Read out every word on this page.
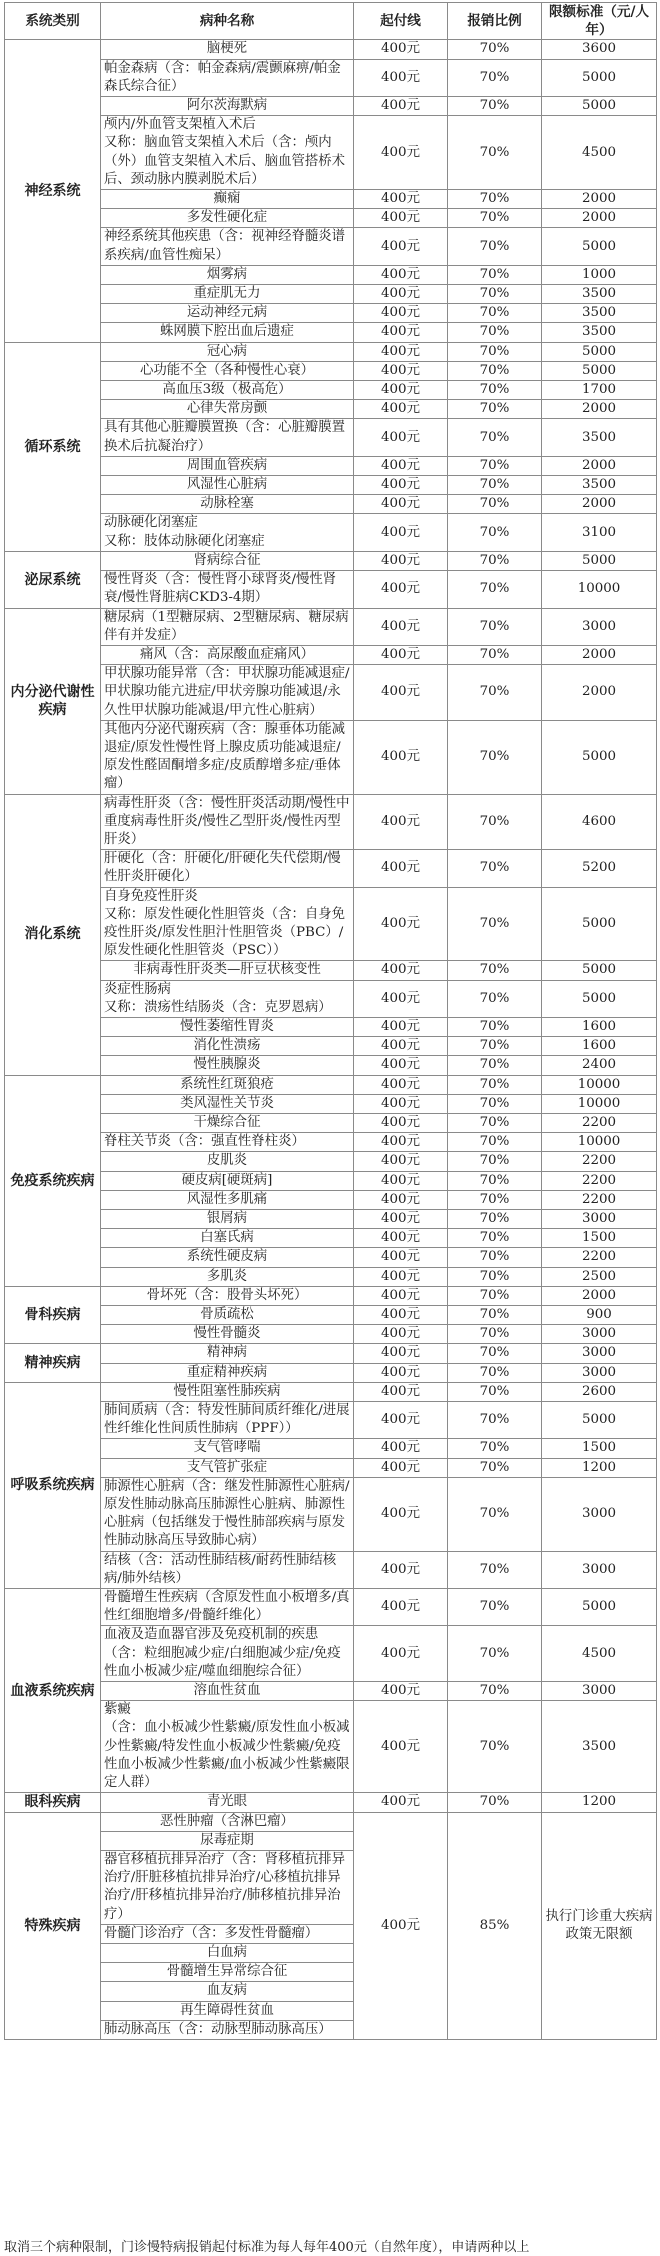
系统类别	病种名称	起付线	报销比例	限额标准（元/人年）
神经系统	脑梗死	400元	70%	3600
	帕金森病（含：帕金森病/震颤麻痹/帕金森氏综合征）	400元	70%	5000
	阿尔茨海默病	400元	70%	5000
	颅内/外血管支架植入术后
又称：脑血管支架植入术后（含：颅内（外）血管支架植入术后、脑血管搭桥术后、颈动脉内膜剥脱术后）	400元	70%	4500
	癫痫	400元	70%	2000
	多发性硬化症	400元	70%	2000
	神经系统其他疾患（含：视神经脊髓炎谱系疾病/血管性痴呆）	400元	70%	5000
	烟雾病	400元	70%	1000
	重症肌无力	400元	70%	3500
	运动神经元病	400元	70%	3500
	蛛网膜下腔出血后遗症	400元	70%	3500
循环系统	冠心病	400元	70%	5000
	心功能不全（各种慢性心衰）	400元	70%	5000
	高血压3级（极高危）	400元	70%	1700
	心律失常房颤	400元	70%	2000
	具有其他心脏瓣膜置换（含：心脏瓣膜置换术后抗凝治疗）	400元	70%	3500
	周围血管疾病	400元	70%	2000
	风湿性心脏病	400元	70%	3500
	动脉栓塞	400元	70%	2000
	动脉硬化闭塞症
又称：肢体动脉硬化闭塞症	400元	70%	3100
泌尿系统	肾病综合征	400元	70%	5000
	慢性肾炎（含：慢性肾小球肾炎/慢性肾衰/慢性肾脏病CKD3-4期）	400元	70%	10000
内分泌代谢性疾病	糖尿病（1型糖尿病、2型糖尿病、糖尿病伴有并发症）	400元	70%	3000
	痛风（含：高尿酸血症痛风）	400元	70%	2000
	甲状腺功能异常（含：甲状腺功能减退症/甲状腺功能亢进症/甲状旁腺功能减退/永久性甲状腺功能减退/甲亢性心脏病）	400元	70%	2000
	其他内分泌代谢疾病（含：腺垂体功能减退症/原发性慢性肾上腺皮质功能减退症/原发性醛固酮增多症/皮质醇增多症/垂体瘤）	400元	70%	5000
消化系统	病毒性肝炎（含：慢性肝炎活动期/慢性中重度病毒性肝炎/慢性乙型肝炎/慢性丙型肝炎）	400元	70%	4600
	肝硬化（含：肝硬化/肝硬化失代偿期/慢性肝炎肝硬化）	400元	70%	5200
	自身免疫性肝炎
又称：原发性硬化性胆管炎（含：自身免疫性肝炎/原发性胆汁性胆管炎（PBC）/原发性硬化性胆管炎（PSC））	400元	70%	5000
	非病毒性肝炎类—肝豆状核变性	400元	70%	5000
	炎症性肠病
又称：溃疡性结肠炎（含：克罗恩病）	400元	70%	5000
	慢性萎缩性胃炎	400元	70%	1600
	消化性溃疡	400元	70%	1600
	慢性胰腺炎	400元	70%	2400
免疫系统疾病	系统性红斑狼疮	400元	70%	10000
	类风湿性关节炎	400元	70%	10000
	干燥综合征	400元	70%	2200
	脊柱关节炎（含：强直性脊柱炎）	400元	70%	10000
	皮肌炎	400元	70%	2200
	硬皮病[硬斑病]	400元	70%	2200
	风湿性多肌痛	400元	70%	2200
	银屑病	400元	70%	3000
	白塞氏病	400元	70%	1500
	系统性硬皮病	400元	70%	2200
	多肌炎	400元	70%	2500
骨科疾病	骨坏死（含：股骨头坏死）	400元	70%	2000
	骨质疏松	400元	70%	900
	慢性骨髓炎	400元	70%	3000
精神疾病	精神病	400元	70%	3000
	重症精神疾病	400元	70%	3000
呼吸系统疾病	慢性阻塞性肺疾病	400元	70%	2600
	肺间质病（含：特发性肺间质纤维化/进展性纤维化性间质性肺病（PPF））	400元	70%	5000
	支气管哮喘	400元	70%	1500
	支气管扩张症	400元	70%	1200
	肺源性心脏病（含：继发性肺源性心脏病/原发性肺动脉高压肺源性心脏病、肺源性心脏病（包括继发于慢性肺部疾病与原发性肺动脉高压导致肺心病）	400元	70%	3000
	结核（含：活动性肺结核/耐药性肺结核病/肺外结核）	400元	70%	3000
血液系统疾病	骨髓增生性疾病（含原发性血小板增多/真性红细胞增多/骨髓纤维化）	400元	70%	5000
	血液及造血器官涉及免疫机制的疾患（含：粒细胞减少症/白细胞减少症/免疫性血小板减少症/噬血细胞综合征）	400元	70%	4500
	溶血性贫血	400元	70%	3000
	紫癜
（含：血小板减少性紫癜/原发性血小板减少性紫癜/特发性血小板减少性紫癜/免疫性血小板减少性紫癜/血小板减少性紫癜限定人群）	400元	70%	3500
眼科疾病	青光眼	400元	70%	1200
特殊疾病	恶性肿瘤（含淋巴瘤）	400元	85%	执行门诊重大疾病政策无限额
	尿毒症期			
	器官移植抗排异治疗（含：肾移植抗排异治疗/肝脏移植抗排异治疗/心移植抗排异治疗/肝移植抗排异治疗/肺移植抗排异治疗）			
	骨髓门诊治疗（含：多发性骨髓瘤）			
	白血病			
	骨髓增生异常综合征			
	血友病			
	再生障碍性贫血			
	肺动脉高压（含：动脉型肺动脉高压）			
取消三个病种限制，门诊慢特病报销起付标准为每人每年400元（自然年度），申请两种以上
